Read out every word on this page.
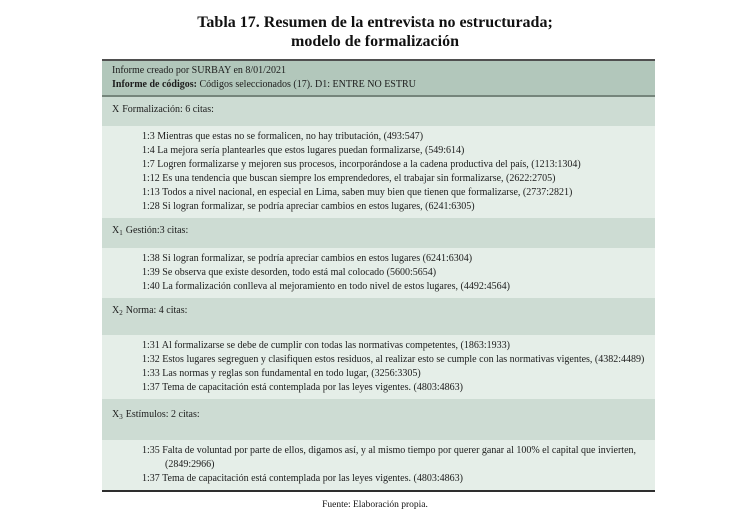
Tabla 17. Resumen de la entrevista no estructurada;
modelo de formalización
Informe creado por SURBAY en 8/01/2021
Informe de códigos: Códigos seleccionados (17). D1: ENTRE NO ESTRU
X Formalización: 6 citas:
1:3 Mientras que estas no se formalicen, no hay tributación, (493:547)
1:4 La mejora sería plantearles que estos lugares puedan formalizarse, (549:614)
1:7 Logren formalizarse y mejoren sus procesos, incorporándose a la cadena productiva del país, (1213:1304)
1:12 Es una tendencia que buscan siempre los emprendedores, el trabajar sin formalizarse, (2622:2705)
1:13 Todos a nivel nacional, en especial en Lima, saben muy bien que tienen que formalizarse, (2737:2821)
1:28 Si logran formalizar, se podría apreciar cambios en estos lugares, (6241:6305)
$X_1$ Gestión:3 citas:
1:38 Si logran formalizar, se podría apreciar cambios en estos lugares (6241:6304)
1:39 Se observa que existe desorden, todo está mal colocado (5600:5654)
1:40 La formalización conlleva al mejoramiento en todo nivel de estos lugares, (4492:4564)
$X_2$ Norma: 4 citas:
1:31 Al formalizarse se debe de cumplir con todas las normativas competentes, (1863:1933)
1:32 Estos lugares segreguen y clasifiquen estos residuos, al realizar esto se cumple con las normativas vigentes, (4382:4489)
1:33 Las normas y reglas son fundamental en todo lugar, (3256:3305)
1:37 Tema de capacitación está contemplada por las leyes vigentes. (4803:4863)
$X_3$ Estímulos: 2 citas:
1:35 Falta de voluntad por parte de ellos, digamos así, y al mismo tiempo por querer ganar al 100% el capital que invierten, (2849:2966)
1:37 Tema de capacitación está contemplada por las leyes vigentes. (4803:4863)
Fuente: Elaboración propia.
